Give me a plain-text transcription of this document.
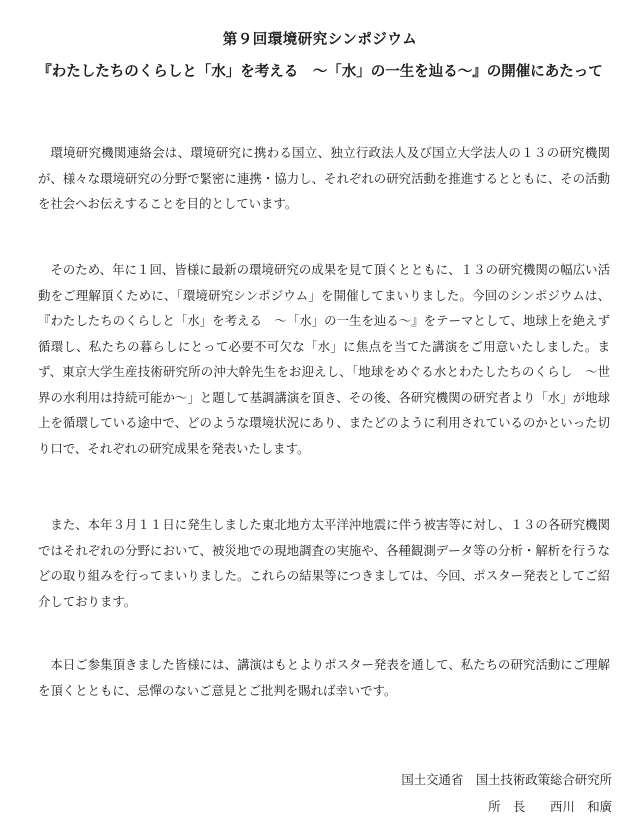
第９回環境研究シンポジウム
『わたしたちのくらしと「水」を考える　～「水」の一生を辿る～』の開催にあたって

環境研究機関連絡会は、環境研究に携わる国立、独立行政法人及び国立大学法人の１３の研究機関が、様々な環境研究の分野で緊密に連携・協力し、それぞれの研究活動を推進するとともに、その活動を社会へお伝えすることを目的としています。

そのため、年に１回、皆様に最新の環境研究の成果を見て頂くとともに、１３の研究機関の幅広い活動をご理解頂くために、「環境研究シンポジウム」を開催してまいりました。今回のシンポジウムは、『わたしたちのくらしと「水」を考える　～「水」の一生を辿る～』をテーマとして、地球上を絶えず循環し、私たちの暮らしにとって必要不可欠な「水」に焦点を当てた講演をご用意いたしました。まず、東京大学生産技術研究所の沖大幹先生をお迎えし、「地球をめぐる水とわたしたちのくらし　～世界の水利用は持続可能か～」と題して基調講演を頂き、その後、各研究機関の研究者より「水」が地球上を循環している途中で、どのような環境状況にあり、またどのように利用されているのかといった切り口で、それぞれの研究成果を発表いたします。

また、本年３月１１日に発生しました東北地方太平洋沖地震に伴う被害等に対し、１３の各研究機関ではそれぞれの分野において、被災地での現地調査の実施や、各種観測データ等の分析・解析を行うなどの取り組みを行ってまいりました。これらの結果等につきましては、今回、ポスター発表としてご紹介しております。

本日ご参集頂きました皆様には、講演はもとよりポスター発表を通して、私たちの研究活動にご理解を頂くとともに、忌憚のないご意見とご批判を賜れば幸いです。

国土交通省　国土技術政策総合研究所
所　長　　西川　和廣
